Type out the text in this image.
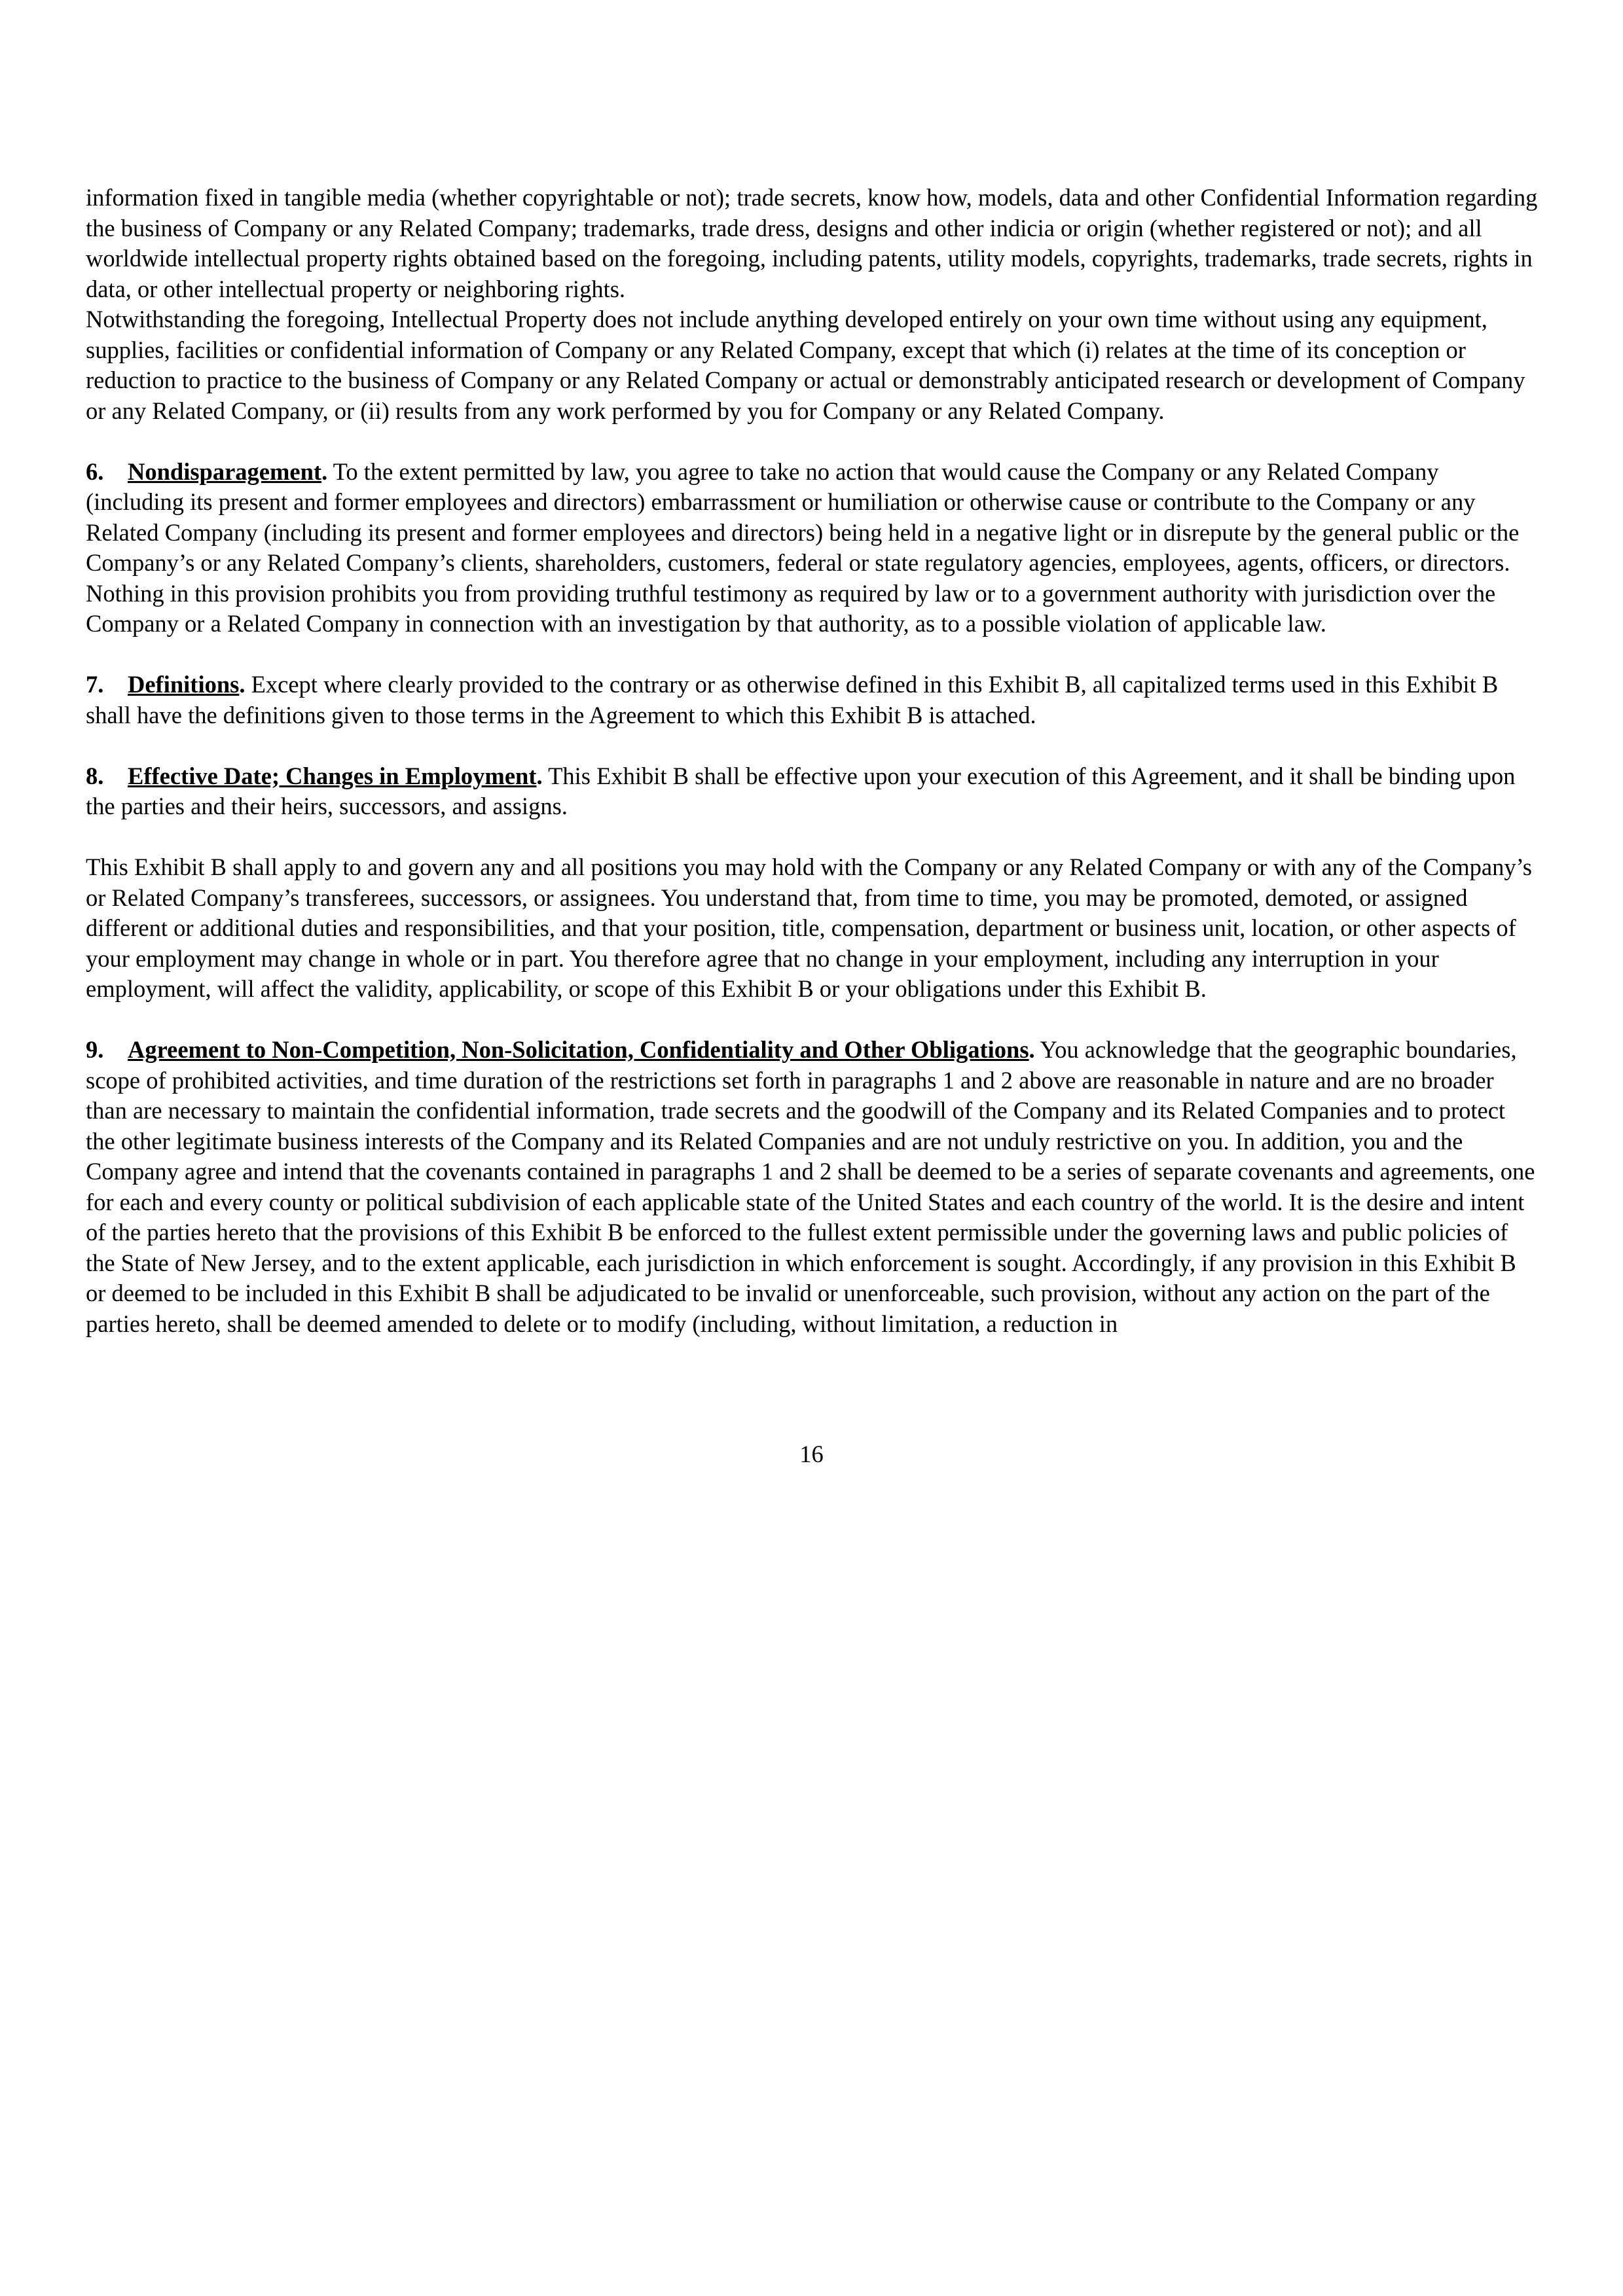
information fixed in tangible media (whether copyrightable or not); trade secrets, know how, models, data and other Confidential Information regarding the business of Company or any Related Company; trademarks, trade dress, designs and other indicia or origin (whether registered or not); and all worldwide intellectual property rights obtained based on the foregoing, including patents, utility models, copyrights, trademarks, trade secrets, rights in data, or other intellectual property or neighboring rights.

Notwithstanding the foregoing, Intellectual Property does not include anything developed entirely on your own time without using any equipment, supplies, facilities or confidential information of Company or any Related Company, except that which (i) relates at the time of its conception or reduction to practice to the business of Company or any Related Company or actual or demonstrably anticipated research or development of Company or any Related Company, or (ii) results from any work performed by you for Company or any Related Company.

6. Nondisparagement. To the extent permitted by law, you agree to take no action that would cause the Company or any Related Company (including its present and former employees and directors) embarrassment or humiliation or otherwise cause or contribute to the Company or any Related Company (including its present and former employees and directors) being held in a negative light or in disrepute by the general public or the Company’s or any Related Company’s clients, shareholders, customers, federal or state regulatory agencies, employees, agents, officers, or directors. Nothing in this provision prohibits you from providing truthful testimony as required by law or to a government authority with jurisdiction over the Company or a Related Company in connection with an investigation by that authority, as to a possible violation of applicable law.

7. Definitions. Except where clearly provided to the contrary or as otherwise defined in this Exhibit B, all capitalized terms used in this Exhibit B shall have the definitions given to those terms in the Agreement to which this Exhibit B is attached.

8. Effective Date; Changes in Employment. This Exhibit B shall be effective upon your execution of this Agreement, and it shall be binding upon the parties and their heirs, successors, and assigns.

This Exhibit B shall apply to and govern any and all positions you may hold with the Company or any Related Company or with any of the Company’s or Related Company’s transferees, successors, or assignees. You understand that, from time to time, you may be promoted, demoted, or assigned different or additional duties and responsibilities, and that your position, title, compensation, department or business unit, location, or other aspects of your employment may change in whole or in part. You therefore agree that no change in your employment, including any interruption in your employment, will affect the validity, applicability, or scope of this Exhibit B or your obligations under this Exhibit B.

9. Agreement to Non-Competition, Non-Solicitation, Confidentiality and Other Obligations. You acknowledge that the geographic boundaries, scope of prohibited activities, and time duration of the restrictions set forth in paragraphs 1 and 2 above are reasonable in nature and are no broader than are necessary to maintain the confidential information, trade secrets and the goodwill of the Company and its Related Companies and to protect the other legitimate business interests of the Company and its Related Companies and are not unduly restrictive on you. In addition, you and the Company agree and intend that the covenants contained in paragraphs 1 and 2 shall be deemed to be a series of separate covenants and agreements, one for each and every county or political subdivision of each applicable state of the United States and each country of the world. It is the desire and intent of the parties hereto that the provisions of this Exhibit B be enforced to the fullest extent permissible under the governing laws and public policies of the State of New Jersey, and to the extent applicable, each jurisdiction in which enforcement is sought. Accordingly, if any provision in this Exhibit B or deemed to be included in this Exhibit B shall be adjudicated to be invalid or unenforceable, such provision, without any action on the part of the parties hereto, shall be deemed amended to delete or to modify (including, without limitation, a reduction in

16
